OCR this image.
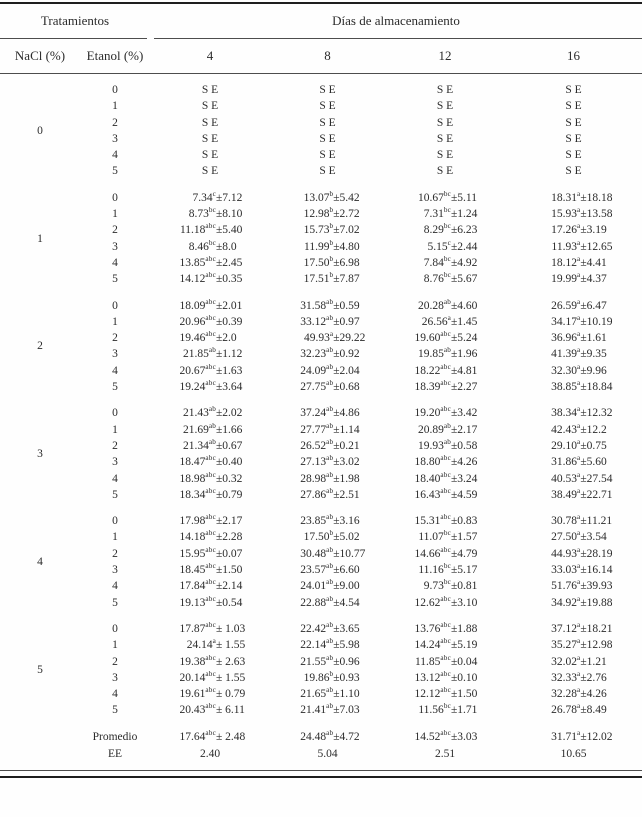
Tratamientos	Días de almacenamiento
NaCl (%)	Etanol (%)	4	8	12	16
0
0	S E	S E	S E	S E
1	S E	S E	S E	S E
2	S E	S E	S E	S E
3	S E	S E	S E	S E
4	S E	S E	S E	S E
5	S E	S E	S E	S E
1
0	7.34$^c$ ±7.12	13.07$^b$ ±5.42	10.67$^{bc}$ ±5.11	18.31$^a$ ±18.18
1	8.73$^{bc}$ ±8.10	12.98$^b$ ±2.72	7.31$^{bc}$ ±1.24	15.93$^a$ ±13.58
2	11.18$^{abc}$ ±5.40	15.73$^b$ ±7.02	8.29$^{bc}$ ±6.23	17.26$^a$ ±3.19
3	8.46$^{bc}$ ±8.0	11.99$^b$ ±4.80	5.15$^c$ ±2.44	11.93$^a$ ±12.65
4	13.85$^{abc}$ ±2.45	17.50$^b$ ±6.98	7.84$^{bc}$ ±4.92	18.12$^a$ ±4.41
5	14.12$^{abc}$ ±0.35	17.51$^b$ ±7.87	8.76$^{bc}$ ±5.67	19.99$^a$ ±4.37
2
0	18.09$^{abc}$ ±2.01	31.58$^{ab}$ ±0.59	20.28$^{ab}$ ±4.60	26.59$^a$ ±6.47
1	20.96$^{abc}$ ±0.39	33.12$^{ab}$ ±0.97	26.56$^a$ ±1.45	34.17$^a$ ±10.19
2	19.46$^{abc}$ ±2.0	49.93$^a$ ±29.22	19.60$^{abc}$ ±5.24	36.96$^a$ ±1.61
3	21.85$^{ab}$ ±1.12	32.23$^{ab}$ ±0.92	19.85$^{ab}$ ±1.96	41.39$^a$ ±9.35
4	20.67$^{abc}$ ±1.63	24.09$^{ab}$ ±2.04	18.22$^{abc}$ ±4.81	32.30$^a$ ±9.96
5	19.24$^{abc}$ ±3.64	27.75$^{ab}$ ±0.68	18.39$^{abc}$ ±2.27	38.85$^a$ ±18.84
3
0	21.43$^{ab}$ ±2.02	37.24$^{ab}$ ±4.86	19.20$^{abc}$ ±3.42	38.34$^a$ ±12.32
1	21.69$^{ab}$ ±1.66	27.77$^{ab}$ ±1.14	20.89$^{ab}$ ±2.17	42.43$^a$ ±12.2
2	21.34$^{ab}$ ±0.67	26.52$^{ab}$ ±0.21	19.93$^{ab}$ ±0.58	29.10$^a$ ±0.75
3	18.47$^{abc}$ ±0.40	27.13$^{ab}$ ±3.02	18.80$^{abc}$ ±4.26	31.86$^a$ ±5.60
4	18.98$^{abc}$ ±0.32	28.98$^{ab}$ ±1.98	18.40$^{abc}$ ±3.24	40.53$^a$ ±27.54
5	18.34$^{abc}$ ±0.79	27.86$^{ab}$ ±2.51	16.43$^{abc}$ ±4.59	38.49$^a$ ±22.71
4
0	17.98$^{abc}$ ±2.17	23.85$^{ab}$ ±3.16	15.31$^{abc}$ ±0.83	30.78$^a$ ±11.21
1	14.18$^{abc}$ ±2.28	17.50$^b$ ±5.02	11.07$^{bc}$ ±1.57	27.50$^a$ ±3.54
2	15.95$^{abc}$ ±0.07	30.48$^{ab}$ ±10.77	14.66$^{abc}$ ±4.79	44.93$^a$ ±28.19
3	18.45$^{abc}$ ±1.50	23.57$^{ab}$ ±6.60	11.16$^{bc}$ ±5.17	33.03$^a$ ±16.14
4	17.84$^{abc}$ ±2.14	24.01$^{ab}$ ±9.00	9.73$^{bc}$ ±0.81	51.76$^a$ ±39.93
5	19.13$^{abc}$ ±0.54	22.88$^{ab}$ ±4.54	12.62$^{abc}$ ±3.10	34.92$^a$ ±19.88
5
0	17.87$^{abc}$ ± 1.03	22.42$^{ab}$ ±3.65	13.76$^{abc}$ ±1.88	37.12$^a$ ±18.21
1	24.14$^a$ ± 1.55	22.14$^{ab}$ ±5.98	14.24$^{abc}$ ±5.19	35.27$^a$ ±12.98
2	19.38$^{abc}$ ± 2.63	21.55$^{ab}$ ±0.96	11.85$^{abc}$ ±0.04	32.02$^a$ ±1.21
3	20.14$^{abc}$ ± 1.55	19.86$^b$ ±0.93	13.12$^{abc}$ ±0.10	32.33$^a$ ±2.76
4	19.61$^{abc}$ ± 0.79	21.65$^{ab}$ ±1.10	12.12$^{abc}$ ±1.50	32.28$^a$ ±4.26
5	20.43$^{abc}$ ± 6.11	21.41$^{ab}$ ±7.03	11.56$^{bc}$ ±1.71	26.78$^a$ ±8.49
Promedio	17.64$^{abc}$ ± 2.48	24.48$^{ab}$ ±4.72	14.52$^{abc}$ ±3.03	31.71$^a$ ±12.02
EE	2.40	5.04	2.51	10.65
